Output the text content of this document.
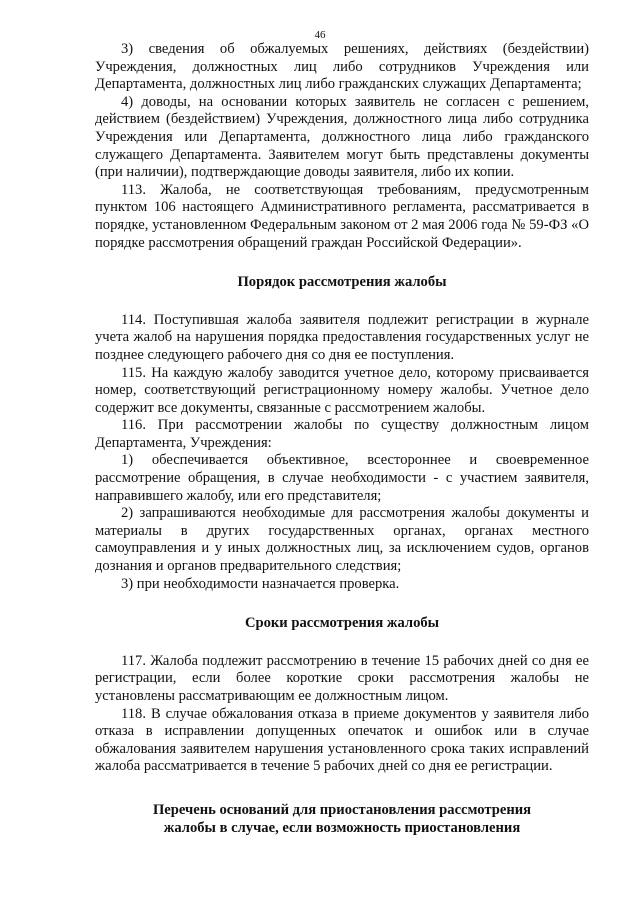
46

3) сведения об обжалуемых решениях, действиях (бездействии) Учреждения, должностных лиц либо сотрудников Учреждения или Департамента, должностных лиц либо гражданских служащих Департамента;

4) доводы, на основании которых заявитель не согласен с решением, действием (бездействием) Учреждения, должностного лица либо сотрудника Учреждения или Департамента, должностного лица либо гражданского служащего Департамента. Заявителем могут быть представлены документы (при наличии), подтверждающие доводы заявителя, либо их копии.

113. Жалоба, не соответствующая требованиям, предусмотренным пунктом 106 настоящего Административного регламента, рассматривается в порядке, установленном Федеральным законом от 2 мая 2006 года № 59-ФЗ «О порядке рассмотрения обращений граждан Российской Федерации».

Порядок рассмотрения жалобы

114. Поступившая жалоба заявителя подлежит регистрации в журнале учета жалоб на нарушения порядка предоставления государственных услуг не позднее следующего рабочего дня со дня ее поступления.

115. На каждую жалобу заводится учетное дело, которому присваивается номер, соответствующий регистрационному номеру жалобы. Учетное дело содержит все документы, связанные с рассмотрением жалобы.

116. При рассмотрении жалобы по существу должностным лицом Департамента, Учреждения:

1) обеспечивается объективное, всестороннее и своевременное рассмотрение обращения, в случае необходимости - с участием заявителя, направившего жалобу, или его представителя;

2) запрашиваются необходимые для рассмотрения жалобы документы и материалы в других государственных органах, органах местного самоуправления и у иных должностных лиц, за исключением судов, органов дознания и органов предварительного следствия;

3) при необходимости назначается проверка.

Сроки рассмотрения жалобы

117. Жалоба подлежит рассмотрению в течение 15 рабочих дней со дня ее регистрации, если более короткие сроки рассмотрения жалобы не установлены рассматривающим ее должностным лицом.

118. В случае обжалования отказа в приеме документов у заявителя либо отказа в исправлении допущенных опечаток и ошибок или в случае обжалования заявителем нарушения установленного срока таких исправлений жалоба рассматривается в течение 5 рабочих дней со дня ее регистрации.

Перечень оснований для приостановления рассмотрения

жалобы в случае, если возможность приостановления
